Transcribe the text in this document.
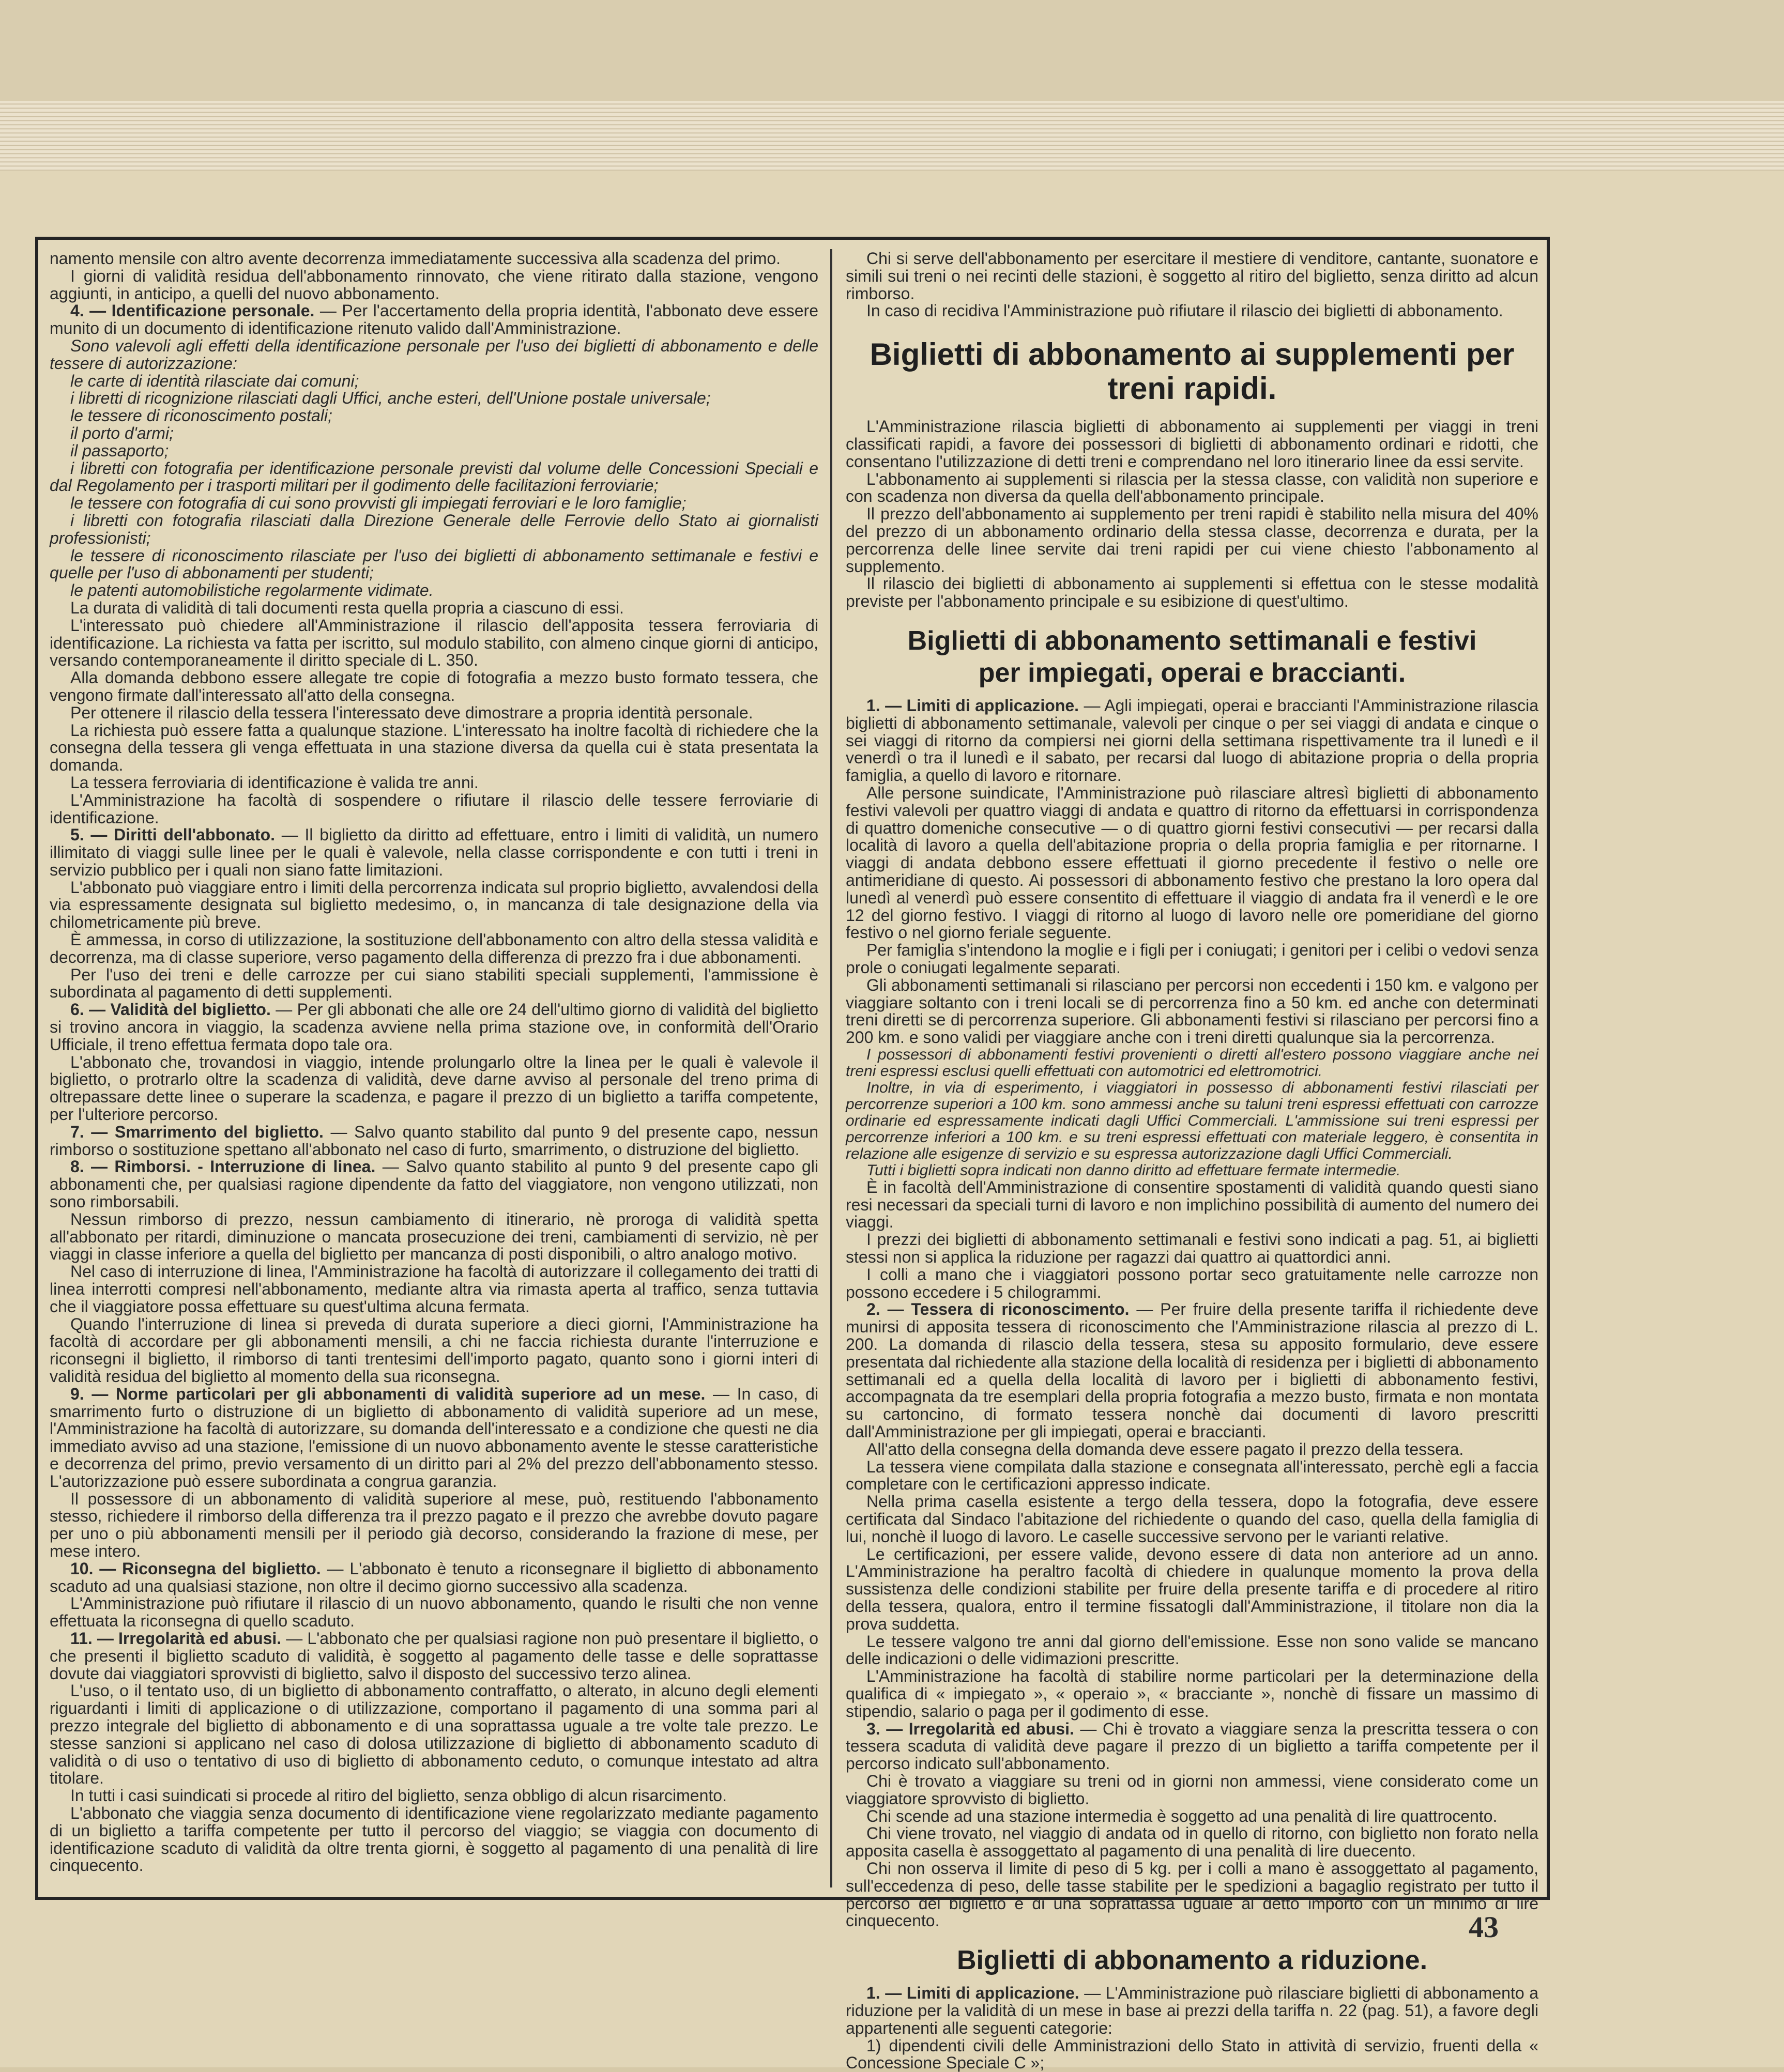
namento mensile con altro avente decorrenza immediatamente successiva alla scadenza del primo.

I giorni di validità residua dell'abbonamento rinnovato, che viene ritirato dalla stazione, vengono aggiunti, in anticipo, a quelli del nuovo abbonamento.

4. — Identificazione personale. — Per l'accertamento della propria identità, l'abbonato deve essere munito di un documento di identificazione ritenuto valido dall'Amministrazione.

Sono valevoli agli effetti della identificazione personale per l'uso dei biglietti di abbonamento e delle tessere di autorizzazione:

le carte di identità rilasciate dai comuni;

i libretti di ricognizione rilasciati dagli Uffici, anche esteri, dell'Unione postale universale;

le tessere di riconoscimento postali;

il porto d'armi;

il passaporto;

i libretti con fotografia per identificazione personale previsti dal volume delle Concessioni Speciali e dal Regolamento per i trasporti militari per il godimento delle facilitazioni ferroviarie;

le tessere con fotografia di cui sono provvisti gli impiegati ferroviari e le loro famiglie;

i libretti con fotografia rilasciati dalla Direzione Generale delle Ferrovie dello Stato ai giornalisti professionisti;

le tessere di riconoscimento rilasciate per l'uso dei biglietti di abbonamento settimanale e festivi e quelle per l'uso di abbonamenti per studenti;

le patenti automobilistiche regolarmente vidimate.

La durata di validità di tali documenti resta quella propria a ciascuno di essi.

L'interessato può chiedere all'Amministrazione il rilascio dell'apposita tessera ferroviaria di identificazione. La richiesta va fatta per iscritto, sul modulo stabilito, con almeno cinque giorni di anticipo, versando contemporaneamente il diritto speciale di L. 350.

Alla domanda debbono essere allegate tre copie di fotografia a mezzo busto formato tessera, che vengono firmate dall'interessato all'atto della consegna.

Per ottenere il rilascio della tessera l'interessato deve dimostrare a propria identità personale.

La richiesta può essere fatta a qualunque stazione. L'interessato ha inoltre facoltà di richiedere che la consegna della tessera gli venga effettuata in una stazione diversa da quella cui è stata presentata la domanda.

La tessera ferroviaria di identificazione è valida tre anni.

L'Amministrazione ha facoltà di sospendere o rifiutare il rilascio delle tessere ferroviarie di identificazione.

5. — Diritti dell'abbonato. — Il biglietto da diritto ad effettuare, entro i limiti di validità, un numero illimitato di viaggi sulle linee per le quali è valevole, nella classe corrispondente e con tutti i treni in servizio pubblico per i quali non siano fatte limitazioni.

L'abbonato può viaggiare entro i limiti della percorrenza indicata sul proprio biglietto, avvalendosi della via espressamente designata sul biglietto medesimo, o, in mancanza di tale designazione della via chilometricamente più breve.

È ammessa, in corso di utilizzazione, la sostituzione dell'abbonamento con altro della stessa validità e decorrenza, ma di classe superiore, verso pagamento della differenza di prezzo fra i due abbonamenti.

Per l'uso dei treni e delle carrozze per cui siano stabiliti speciali supplementi, l'ammissione è subordinata al pagamento di detti supplementi.

6. — Validità del biglietto. — Per gli abbonati che alle ore 24 dell'ultimo giorno di validità del biglietto si trovino ancora in viaggio, la scadenza avviene nella prima stazione ove, in conformità dell'Orario Ufficiale, il treno effettua fermata dopo tale ora.

L'abbonato che, trovandosi in viaggio, intende prolungarlo oltre la linea per le quali è valevole il biglietto, o protrarlo oltre la scadenza di validità, deve darne avviso al personale del treno prima di oltrepassare dette linee o superare la scadenza, e pagare il prezzo di un biglietto a tariffa competente, per l'ulteriore percorso.

7. — Smarrimento del biglietto. — Salvo quanto stabilito dal punto 9 del presente capo, nessun rimborso o sostituzione spettano all'abbonato nel caso di furto, smarrimento, o distruzione del biglietto.

8. — Rimborsi. - Interruzione di linea. — Salvo quanto stabilito al punto 9 del presente capo gli abbonamenti che, per qualsiasi ragione dipendente da fatto del viaggiatore, non vengono utilizzati, non sono rimborsabili.

Nessun rimborso di prezzo, nessun cambiamento di itinerario, nè proroga di validità spetta all'abbonato per ritardi, diminuzione o mancata prosecuzione dei treni, cambiamenti di servizio, nè per viaggi in classe inferiore a quella del biglietto per mancanza di posti disponibili, o altro analogo motivo.

Nel caso di interruzione di linea, l'Amministrazione ha facoltà di autorizzare il collegamento dei tratti di linea interrotti compresi nell'abbonamento, mediante altra via rimasta aperta al traffico, senza tuttavia che il viaggiatore possa effettuare su quest'ultima alcuna fermata.

Quando l'interruzione di linea si preveda di durata superiore a dieci giorni, l'Amministrazione ha facoltà di accordare per gli abbonamenti mensili, a chi ne faccia richiesta durante l'interruzione e riconsegni il biglietto, il rimborso di tanti trentesimi dell'importo pagato, quanto sono i giorni interi di validità residua del biglietto al momento della sua riconsegna.

9. — Norme particolari per gli abbonamenti di validità superiore ad un mese. — In caso, di smarrimento furto o distruzione di un biglietto di abbonamento di validità superiore ad un mese, l'Amministrazione ha facoltà di autorizzare, su domanda dell'interessato e a condizione che questi ne dia immediato avviso ad una stazione, l'emissione di un nuovo abbonamento avente le stesse caratteristiche e decorrenza del primo, previo versamento di un diritto pari al 2% del prezzo dell'abbonamento stesso. L'autorizzazione può essere subordinata a congrua garanzia.

Il possessore di un abbonamento di validità superiore al mese, può, restituendo l'abbonamento stesso, richiedere il rimborso della differenza tra il prezzo pagato e il prezzo che avrebbe dovuto pagare per uno o più abbonamenti mensili per il periodo già decorso, considerando la frazione di mese, per mese intero.

10. — Riconsegna del biglietto. — L'abbonato è tenuto a riconsegnare il biglietto di abbonamento scaduto ad una qualsiasi stazione, non oltre il decimo giorno successivo alla scadenza.

L'Amministrazione può rifiutare il rilascio di un nuovo abbonamento, quando le risulti che non venne effettuata la riconsegna di quello scaduto.

11. — Irregolarità ed abusi. — L'abbonato che per qualsiasi ragione non può presentare il biglietto, o che presenti il biglietto scaduto di validità, è soggetto al pagamento delle tasse e delle soprattasse dovute dai viaggiatori sprovvisti di biglietto, salvo il disposto del successivo terzo alinea.

L'uso, o il tentato uso, di un biglietto di abbonamento contraffatto, o alterato, in alcuno degli elementi riguardanti i limiti di applicazione o di utilizzazione, comportano il pagamento di una somma pari al prezzo integrale del biglietto di abbonamento e di una soprattassa uguale a tre volte tale prezzo. Le stesse sanzioni si applicano nel caso di dolosa utilizzazione di biglietto di abbonamento scaduto di validità o di uso o tentativo di uso di biglietto di abbonamento ceduto, o comunque intestato ad altra titolare.

In tutti i casi suindicati si procede al ritiro del biglietto, senza obbligo di alcun risarcimento.

L'abbonato che viaggia senza documento di identificazione viene regolarizzato mediante pagamento di un biglietto a tariffa competente per tutto il percorso del viaggio; se viaggia con documento di identificazione scaduto di validità da oltre trenta giorni, è soggetto al pagamento di una penalità di lire cinquecento.

Chi si serve dell'abbonamento per esercitare il mestiere di venditore, cantante, suonatore e simili sui treni o nei recinti delle stazioni, è soggetto al ritiro del biglietto, senza diritto ad alcun rimborso.

In caso di recidiva l'Amministrazione può rifiutare il rilascio dei biglietti di abbonamento.

Biglietti di abbonamento ai supplementi per treni rapidi.

L'Amministrazione rilascia biglietti di abbonamento ai supplementi per viaggi in treni classificati rapidi, a favore dei possessori di biglietti di abbonamento ordinari e ridotti, che consentano l'utilizzazione di detti treni e comprendano nel loro itinerario linee da essi servite.

L'abbonamento ai supplementi si rilascia per la stessa classe, con validità non superiore e con scadenza non diversa da quella dell'abbonamento principale.

Il prezzo dell'abbonamento ai supplemento per treni rapidi è stabilito nella misura del 40% del prezzo di un abbonamento ordinario della stessa classe, decorrenza e durata, per la percorrenza delle linee servite dai treni rapidi per cui viene chiesto l'abbonamento al supplemento.

Il rilascio dei biglietti di abbonamento ai supplementi si effettua con le stesse modalità previste per l'abbonamento principale e su esibizione di quest'ultimo.

Biglietti di abbonamento settimanali e festivi
per impiegati, operai e braccianti.

1. — Limiti di applicazione. — Agli impiegati, operai e braccianti l'Amministrazione rilascia biglietti di abbonamento settimanale, valevoli per cinque o per sei viaggi di andata e cinque o sei viaggi di ritorno da compiersi nei giorni della settimana rispettivamente tra il lunedì e il venerdì o tra il lunedì e il sabato, per recarsi dal luogo di abitazione propria o della propria famiglia, a quello di lavoro e ritornare.

Alle persone suindicate, l'Amministrazione può rilasciare altresì biglietti di abbonamento festivi valevoli per quattro viaggi di andata e quattro di ritorno da effettuarsi in corrispondenza di quattro domeniche consecutive — o di quattro giorni festivi consecutivi — per recarsi dalla località di lavoro a quella dell'abitazione propria o della propria famiglia e per ritornarne. I viaggi di andata debbono essere effettuati il giorno precedente il festivo o nelle ore antimeridiane di questo. Ai possessori di abbonamento festivo che prestano la loro opera dal lunedì al venerdì può essere consentito di effettuare il viaggio di andata fra il venerdì e le ore 12 del giorno festivo. I viaggi di ritorno al luogo di lavoro nelle ore pomeridiane del giorno festivo o nel giorno feriale seguente.

Per famiglia s'intendono la moglie e i figli per i coniugati; i genitori per i celibi o vedovi senza prole o coniugati legalmente separati.

Gli abbonamenti settimanali si rilasciano per percorsi non eccedenti i 150 km. e valgono per viaggiare soltanto con i treni locali se di percorrenza fino a 50 km. ed anche con determinati treni diretti se di percorrenza superiore. Gli abbonamenti festivi si rilasciano per percorsi fino a 200 km. e sono validi per viaggiare anche con i treni diretti qualunque sia la percorrenza.

I possessori di abbonamenti festivi provenienti o diretti all'estero possono viaggiare anche nei treni espressi esclusi quelli effettuati con automotrici ed elettromotrici.

Inoltre, in via di esperimento, i viaggiatori in possesso di abbonamenti festivi rilasciati per percorrenze superiori a 100 km. sono ammessi anche su taluni treni espressi effettuati con carrozze ordinarie ed espressamente indicati dagli Uffici Commerciali. L'ammissione sui treni espressi per percorrenze inferiori a 100 km. e su treni espressi effettuati con materiale leggero, è consentita in relazione alle esigenze di servizio e su espressa autorizzazione dagli Uffici Commerciali.

Tutti i biglietti sopra indicati non danno diritto ad effettuare fermate intermedie.

È in facoltà dell'Amministrazione di consentire spostamenti di validità quando questi siano resi necessari da speciali turni di lavoro e non implichino possibilità di aumento del numero dei viaggi.

I prezzi dei biglietti di abbonamento settimanali e festivi sono indicati a pag. 51, ai biglietti stessi non si applica la riduzione per ragazzi dai quattro ai quattordici anni.

I colli a mano che i viaggiatori possono portar seco gratuitamente nelle carrozze non possono eccedere i 5 chilogrammi.

2. — Tessera di riconoscimento. — Per fruire della presente tariffa il richiedente deve munirsi di apposita tessera di riconoscimento che l'Amministrazione rilascia al prezzo di L. 200. La domanda di rilascio della tessera, stesa su apposito formulario, deve essere presentata dal richiedente alla stazione della località di residenza per i biglietti di abbonamento settimanali ed a quella della località di lavoro per i biglietti di abbonamento festivi, accompagnata da tre esemplari della propria fotografia a mezzo busto, firmata e non montata su cartoncino, di formato tessera nonchè dai documenti di lavoro prescritti dall'Amministrazione per gli impiegati, operai e braccianti.

All'atto della consegna della domanda deve essere pagato il prezzo della tessera.

La tessera viene compilata dalla stazione e consegnata all'interessato, perchè egli a faccia completare con le certificazioni appresso indicate.

Nella prima casella esistente a tergo della tessera, dopo la fotografia, deve essere certificata dal Sindaco l'abitazione del richiedente o quando del caso, quella della famiglia di lui, nonchè il luogo di lavoro. Le caselle successive servono per le varianti relative.

Le certificazioni, per essere valide, devono essere di data non anteriore ad un anno. L'Amministrazione ha peraltro facoltà di chiedere in qualunque momento la prova della sussistenza delle condizioni stabilite per fruire della presente tariffa e di procedere al ritiro della tessera, qualora, entro il termine fissatogli dall'Amministrazione, il titolare non dia la prova suddetta.

Le tessere valgono tre anni dal giorno dell'emissione. Esse non sono valide se mancano delle indicazioni o delle vidimazioni prescritte.

L'Amministrazione ha facoltà di stabilire norme particolari per la determinazione della qualifica di « impiegato », « operaio », « bracciante », nonchè di fissare un massimo di stipendio, salario o paga per il godimento di esse.

3. — Irregolarità ed abusi. — Chi è trovato a viaggiare senza la prescritta tessera o con tessera scaduta di validità deve pagare il prezzo di un biglietto a tariffa competente per il percorso indicato sull'abbonamento.

Chi è trovato a viaggiare su treni od in giorni non ammessi, viene considerato come un viaggiatore sprovvisto di biglietto.

Chi scende ad una stazione intermedia è soggetto ad una penalità di lire quattrocento.

Chi viene trovato, nel viaggio di andata od in quello di ritorno, con biglietto non forato nella apposita casella è assoggettato al pagamento di una penalità di lire duecento.

Chi non osserva il limite di peso di 5 kg. per i colli a mano è assoggettato al pagamento, sull'eccedenza di peso, delle tasse stabilite per le spedizioni a bagaglio registrato per tutto il percorso del biglietto e di una soprattassa uguale al detto importo con un minimo di lire cinquecento.

Biglietti di abbonamento a riduzione.

1. — Limiti di applicazione. — L'Amministrazione può rilasciare biglietti di abbonamento a riduzione per la validità di un mese in base ai prezzi della tariffa n. 22 (pag. 51), a favore degli appartenenti alle seguenti categorie:

1) dipendenti civili delle Amministrazioni dello Stato in attività di servizio, fruenti della « Concessione Speciale C »;

43
